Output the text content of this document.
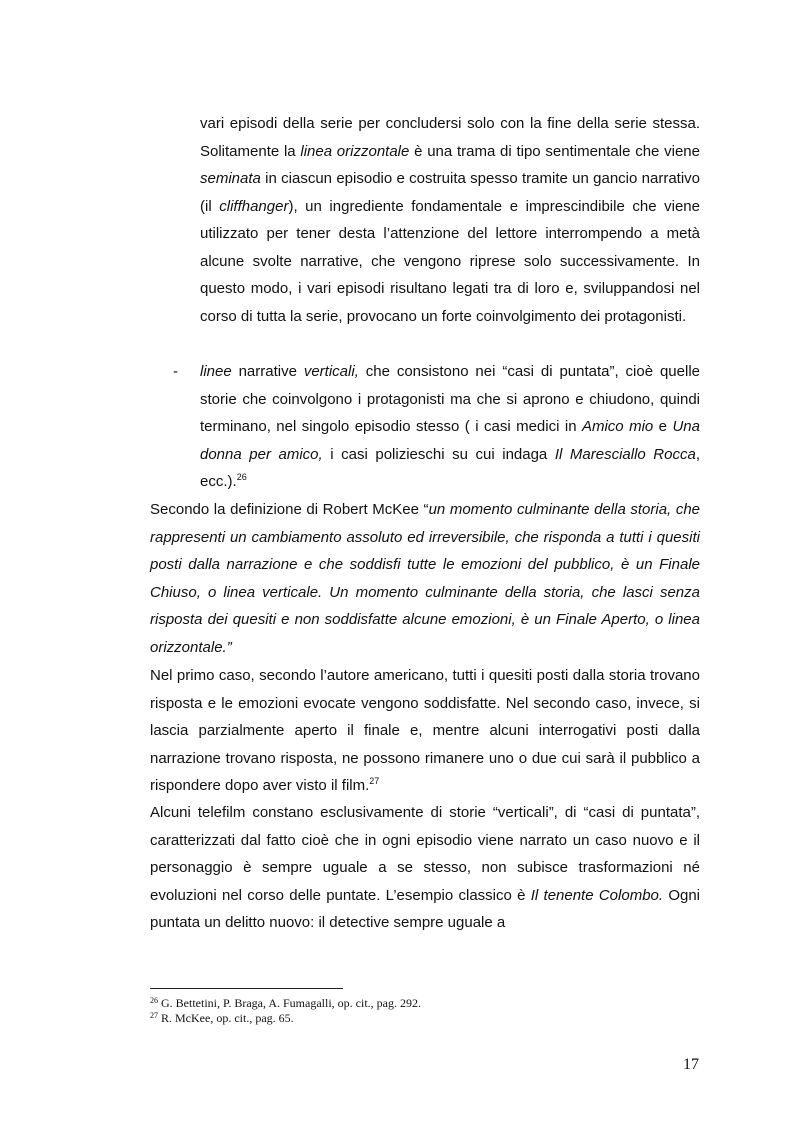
vari episodi della serie per concludersi solo con la fine della serie stessa. Solitamente la linea orizzontale è una trama di tipo sentimentale che viene seminata in ciascun episodio e costruita spesso tramite un gancio narrativo (il cliffhanger), un ingrediente fondamentale e imprescindibile che viene utilizzato per tener desta l’attenzione del lettore interrompendo a metà alcune svolte narrative, che vengono riprese solo successivamente. In questo modo, i vari episodi risultano legati tra di loro e, sviluppandosi nel corso di tutta la serie, provocano un forte coinvolgimento dei protagonisti.

- linee narrative verticali, che consistono nei “casi di puntata”, cioè quelle storie che coinvolgono i protagonisti ma che si aprono e chiudono, quindi terminano, nel singolo episodio stesso ( i casi medici in Amico mio e Una donna per amico, i casi polizieschi su cui indaga Il Maresciallo Rocca, ecc.).$^{26}$

Secondo la definizione di Robert McKee “un momento culminante della storia, che rappresenti un cambiamento assoluto ed irreversibile, che risponda a tutti i quesiti posti dalla narrazione e che soddisfi tutte le emozioni del pubblico, è un Finale Chiuso, o linea verticale. Un momento culminante della storia, che lasci senza risposta dei quesiti e non soddisfatte alcune emozioni, è un Finale Aperto, o linea orizzontale.”

Nel primo caso, secondo l’autore americano, tutti i quesiti posti dalla storia trovano risposta e le emozioni evocate vengono soddisfatte. Nel secondo caso, invece, si lascia parzialmente aperto il finale e, mentre alcuni interrogativi posti dalla narrazione trovano risposta, ne possono rimanere uno o due cui sarà il pubblico a rispondere dopo aver visto il film.$^{27}$

Alcuni telefilm constano esclusivamente di storie “verticali”, di “casi di puntata”, caratterizzati dal fatto cioè che in ogni episodio viene narrato un caso nuovo e il personaggio è sempre uguale a se stesso, non subisce trasformazioni né evoluzioni nel corso delle puntate. L’esempio classico è Il tenente Colombo. Ogni puntata un delitto nuovo: il detective sempre uguale a

$^{26}$ G. Bettetini, P. Braga, A. Fumagalli, op. cit., pag. 292.

$^{27}$ R. McKee, op. cit., pag. 65.

17
